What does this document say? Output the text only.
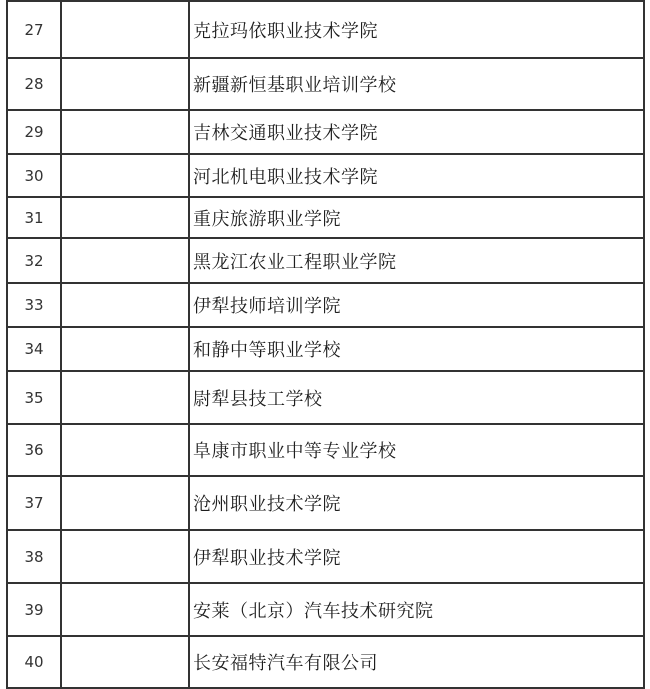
27		克拉玛依职业技术学院
28		新疆新恒基职业培训学校
29		吉林交通职业技术学院
30		河北机电职业技术学院
31		重庆旅游职业学院
32		黑龙江农业工程职业学院
33		伊犁技师培训学院
34		和静中等职业学校
35		尉犁县技工学校
36		阜康市职业中等专业学校
37		沧州职业技术学院
38		伊犁职业技术学院
39		安莱（北京）汽车技术研究院
40		长安福特汽车有限公司
